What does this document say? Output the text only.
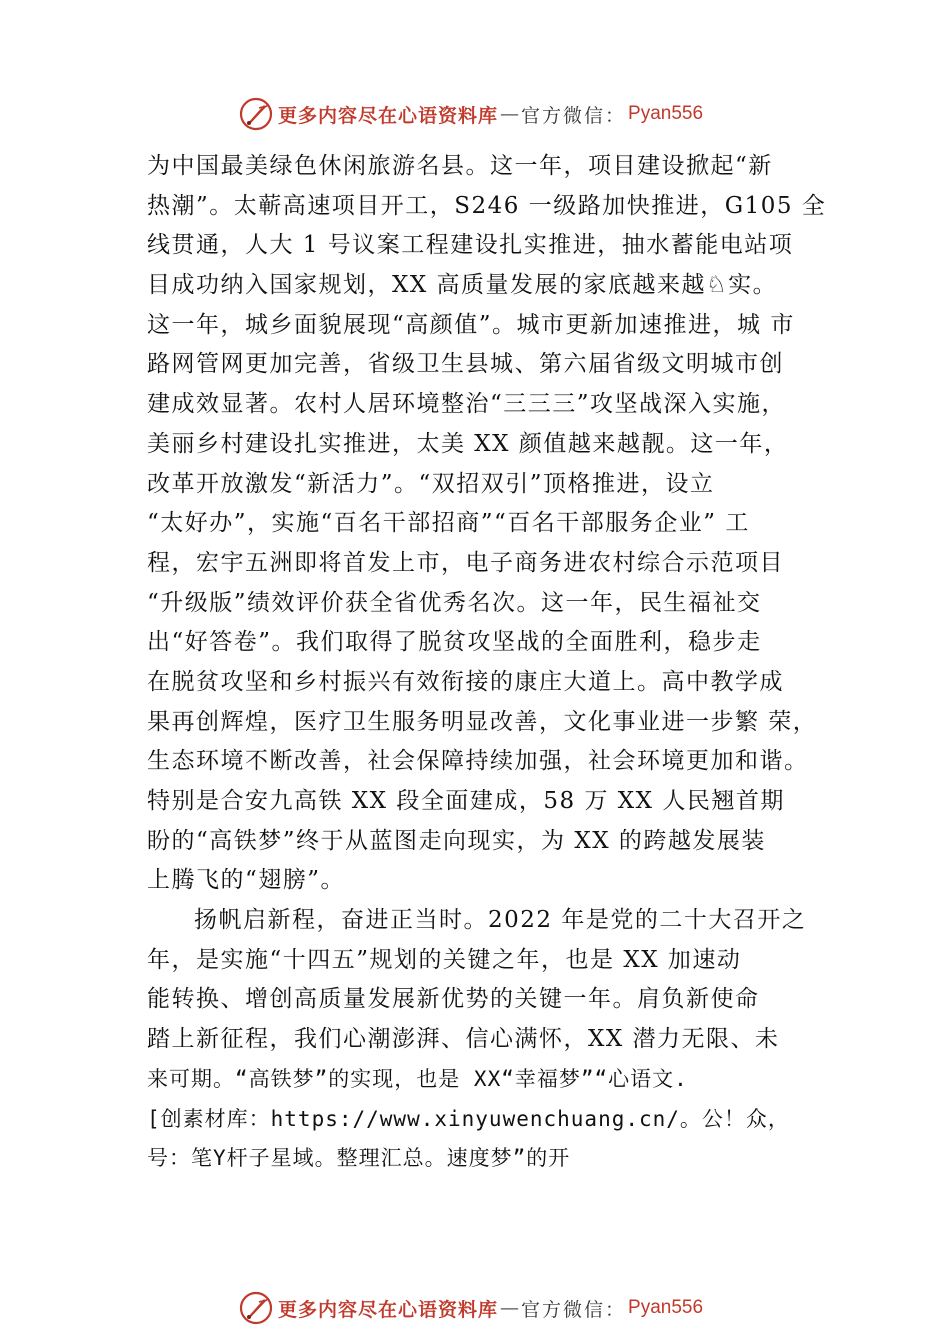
更多内容尽在心语资料库 — 官方微信： Pyan556
为中国最美绿色休闲旅游名县。这一年，项目建设掀起“新
热潮”。太蕲高速项目开工，S246 一级路加快推进，G105 全
线贯通，人大 1 号议案工程建设扎实推进，抽水蓄能电站项
目成功纳入国家规划，XX 高质量发展的家底越来越♘实。
这一年，城乡面貌展现“高颜值”。城市更新加速推进，城 市
路网管网更加完善，省级卫生县城、第六届省级文明城市创
建成效显著。农村人居环境整治“三三三”攻坚战深入实施，
美丽乡村建设扎实推进，太美 XX 颜值越来越靓。这一年，
改革开放激发“新活力”。“双招双引”顶格推进，设立
“太好办”，实施“百名干部招商”“百名干部服务企业” 工
程，宏宇五洲即将首发上市，电子商务进农村综合示范项目
“升级版”绩效评价获全省优秀名次。这一年，民生福祉交
出“好答卷”。我们取得了脱贫攻坚战的全面胜利，稳步走
在脱贫攻坚和乡村振兴有效衔接的康庄大道上。高中教学成
果再创辉煌，医疗卫生服务明显改善，文化事业进一步繁 荣，
生态环境不断改善，社会保障持续加强，社会环境更加和谐。
特别是合安九高铁 XX 段全面建成，58 万 XX 人民翘首期
盼的“高铁梦”终于从蓝图走向现实，为 XX 的跨越发展装
上腾飞的“翅膀”。
扬帆启新程，奋进正当时。2022 年是党的二十大召开之
年，是实施“十四五”规划的关键之年，也是 XX 加速动
能转换、增创高质量发展新优势的关键一年。肩负新使命
踏上新征程，我们心潮澎湃、信心满怀，XX 潜力无限、未
来可期。“高铁梦”的实现，也是 XX“幸福梦”“心语文.
[创素材库：https://www.xinyuwenchuang.cn/。公！众，
号：笔Y杆子星域。整理汇总。速度梦”的开
更多内容尽在心语资料库 — 官方微信： Pyan556
